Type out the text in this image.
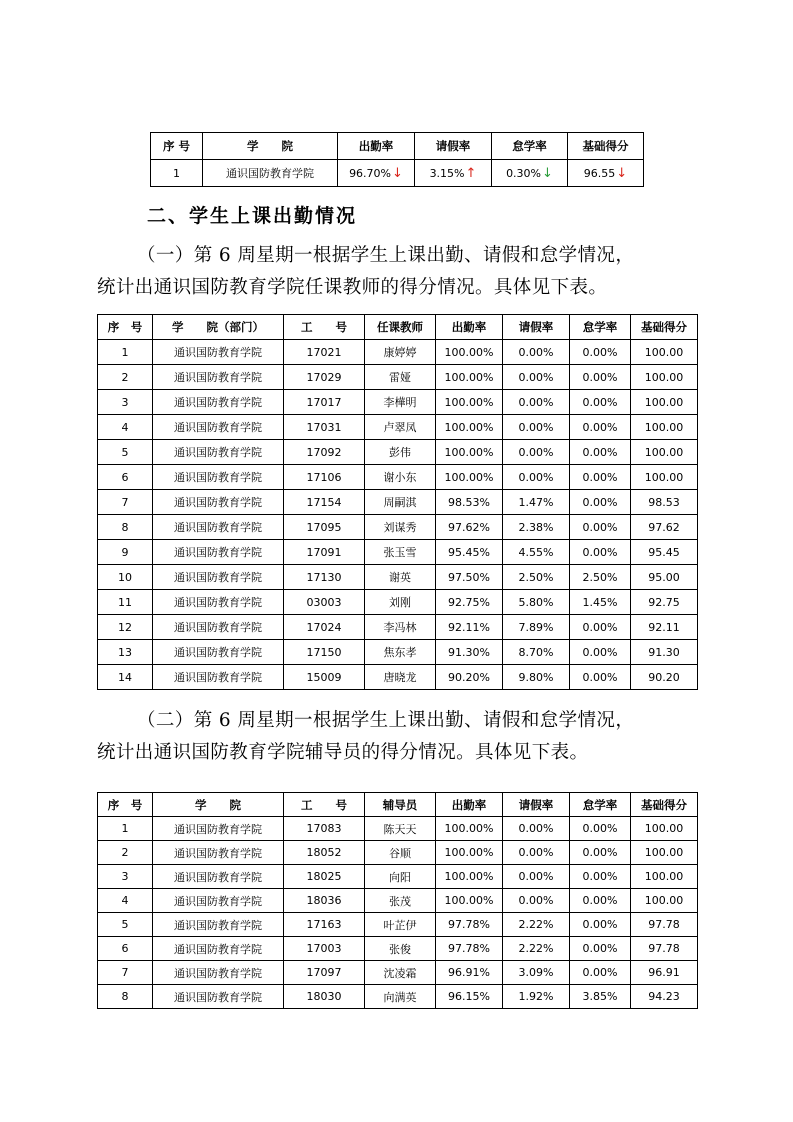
序 号	学　　院	出勤率	请假率	怠学率	基础得分
1	通识国防教育学院	96.70%↓	3.15%↑	0.30%↓	96.55↓
二、学生上课出勤情况
（一）第 6 周星期一根据学生上课出勤、请假和怠学情况，
统计出通识国防教育学院任课教师的得分情况。具体见下表。
序　号	学　　院（部门）	工　　号	任课教师	出勤率	请假率	怠学率	基础得分
1	通识国防教育学院	17021	康婷婷	100.00%	0.00%	0.00%	100.00
2	通识国防教育学院	17029	雷娅	100.00%	0.00%	0.00%	100.00
3	通识国防教育学院	17017	李樺明	100.00%	0.00%	0.00%	100.00
4	通识国防教育学院	17031	卢翠凤	100.00%	0.00%	0.00%	100.00
5	通识国防教育学院	17092	彭伟	100.00%	0.00%	0.00%	100.00
6	通识国防教育学院	17106	谢小东	100.00%	0.00%	0.00%	100.00
7	通识国防教育学院	17154	周嗣淇	98.53%	1.47%	0.00%	98.53
8	通识国防教育学院	17095	刘谋秀	97.62%	2.38%	0.00%	97.62
9	通识国防教育学院	17091	张玉雪	95.45%	4.55%	0.00%	95.45
10	通识国防教育学院	17130	谢英	97.50%	2.50%	2.50%	95.00
11	通识国防教育学院	03003	刘刚	92.75%	5.80%	1.45%	92.75
12	通识国防教育学院	17024	李冯林	92.11%	7.89%	0.00%	92.11
13	通识国防教育学院	17150	焦东孝	91.30%	8.70%	0.00%	91.30
14	通识国防教育学院	15009	唐晓龙	90.20%	9.80%	0.00%	90.20
（二）第 6 周星期一根据学生上课出勤、请假和怠学情况，
统计出通识国防教育学院辅导员的得分情况。具体见下表。
序　号	学　　院	工　　号	辅导员	出勤率	请假率	怠学率	基础得分
1	通识国防教育学院	17083	陈天天	100.00%	0.00%	0.00%	100.00
2	通识国防教育学院	18052	谷顺	100.00%	0.00%	0.00%	100.00
3	通识国防教育学院	18025	向阳	100.00%	0.00%	0.00%	100.00
4	通识国防教育学院	18036	张茂	100.00%	0.00%	0.00%	100.00
5	通识国防教育学院	17163	叶芷伊	97.78%	2.22%	0.00%	97.78
6	通识国防教育学院	17003	张俊	97.78%	2.22%	0.00%	97.78
7	通识国防教育学院	17097	沈凌霜	96.91%	3.09%	0.00%	96.91
8	通识国防教育学院	18030	向满英	96.15%	1.92%	3.85%	94.23
